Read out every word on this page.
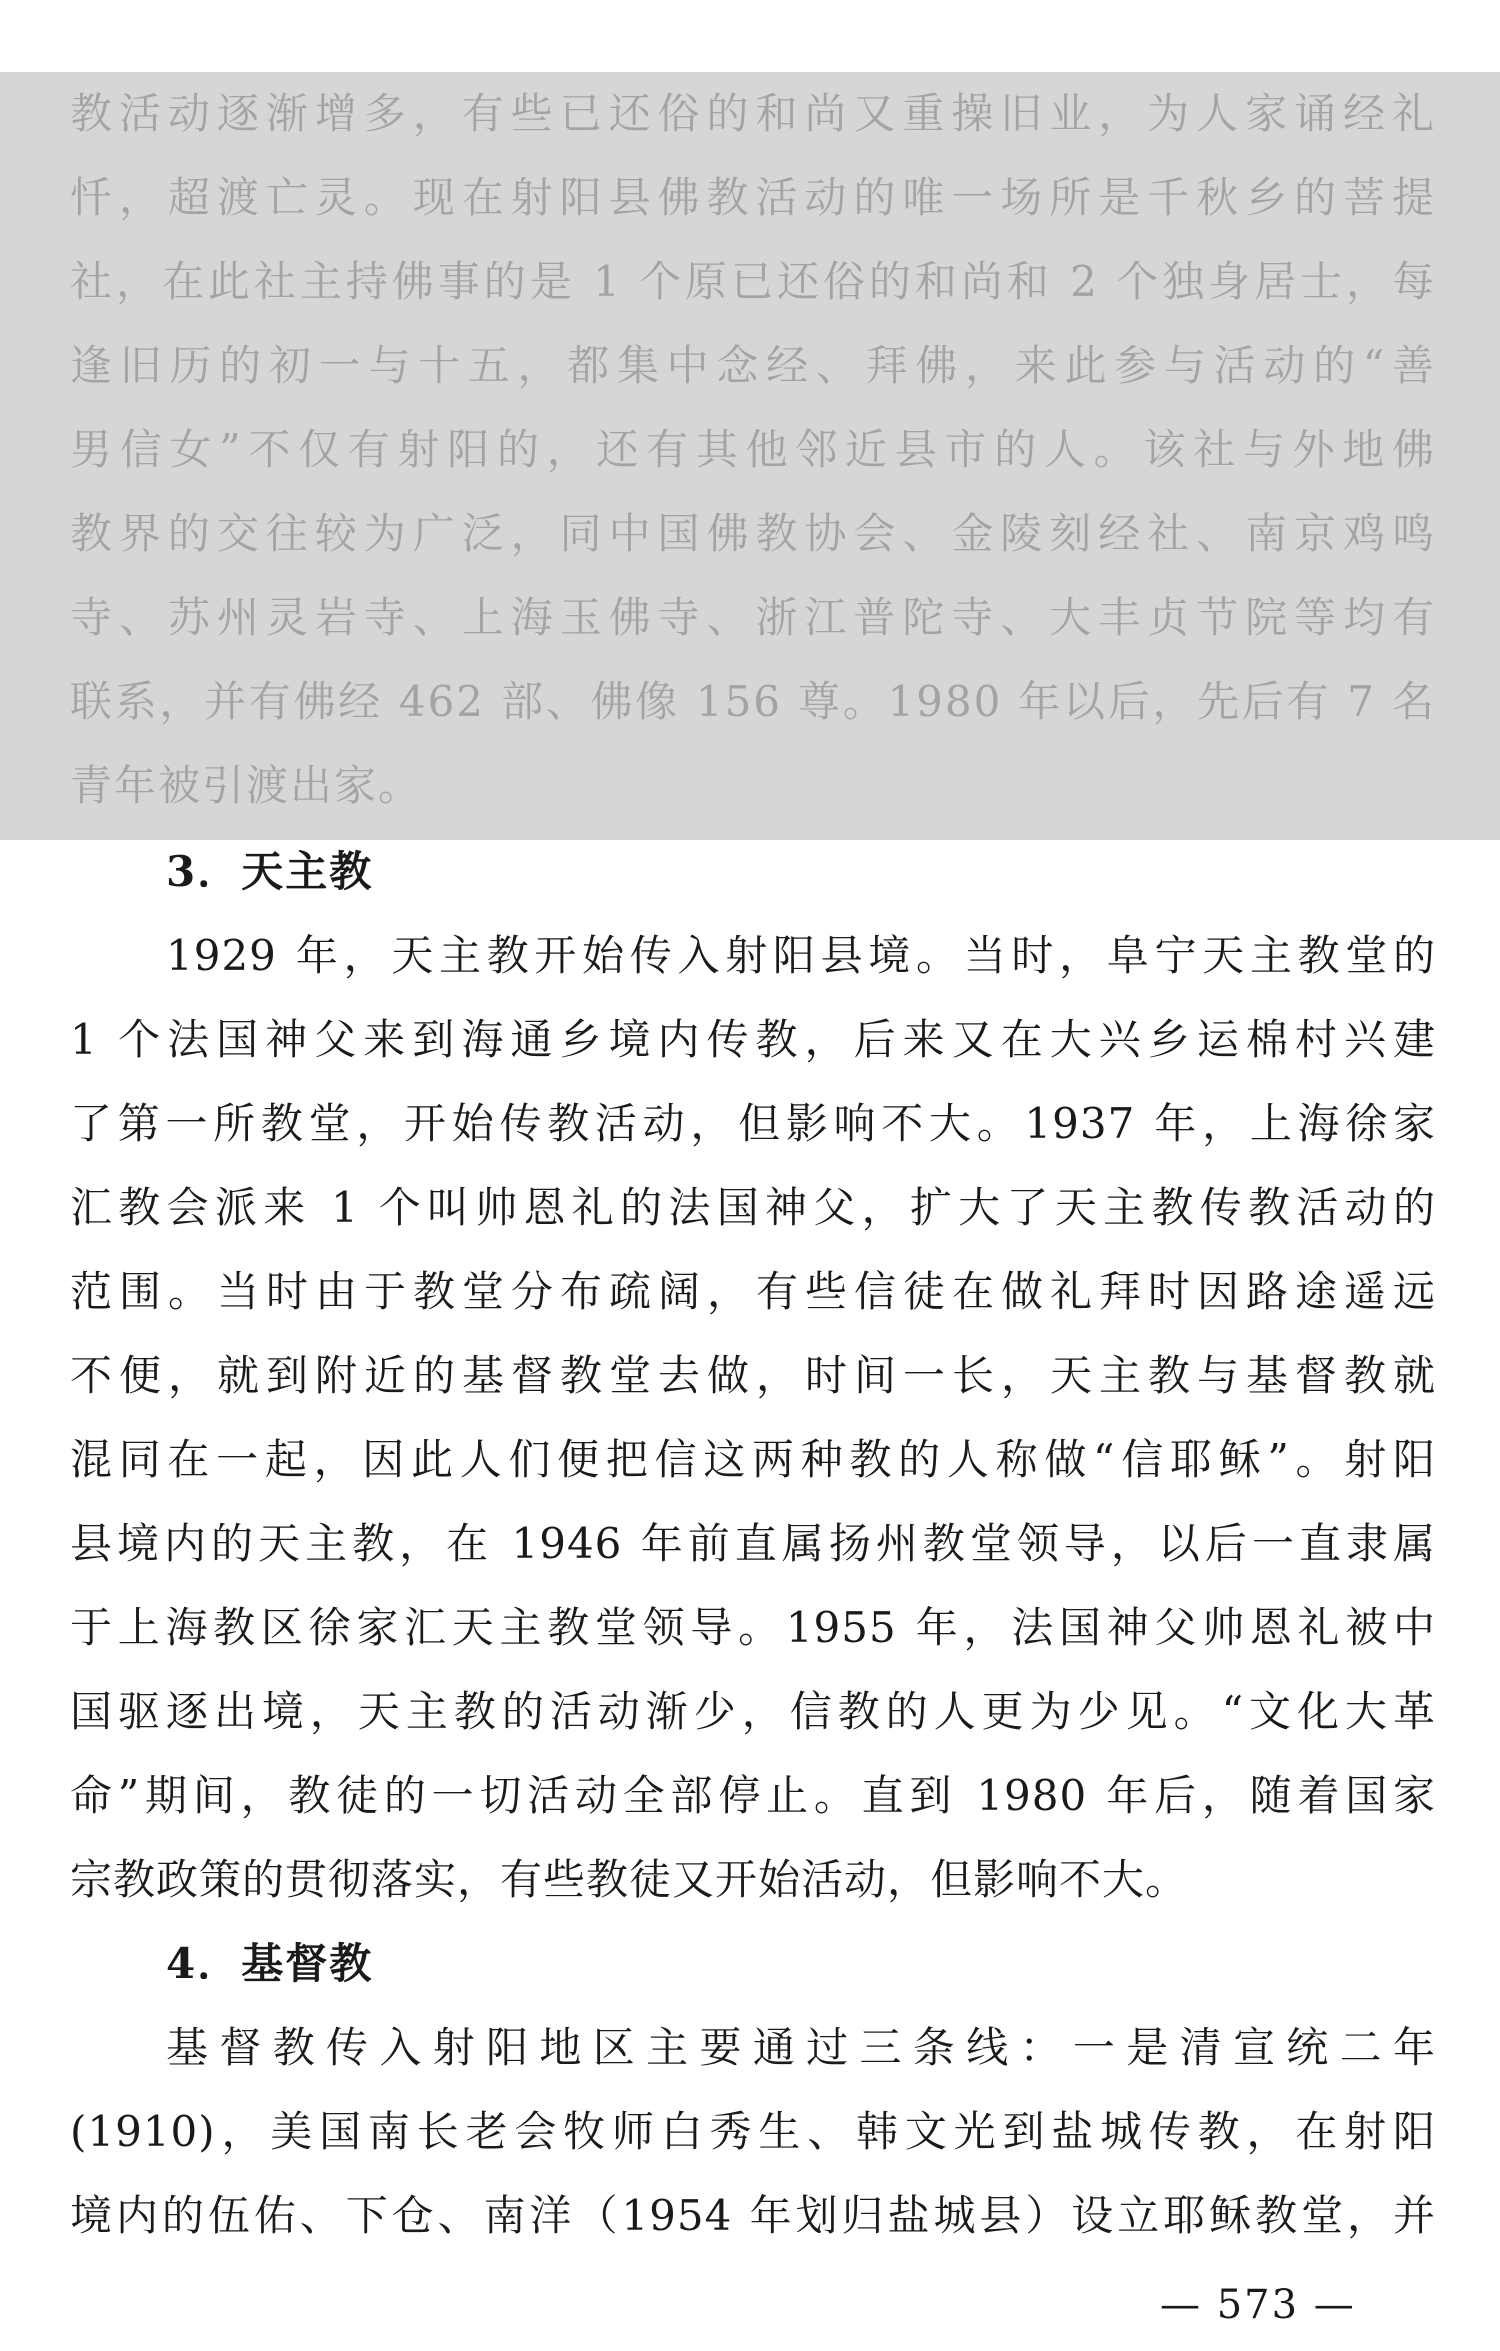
教活动逐渐增多，有些已还俗的和尚又重操旧业，为人家诵经礼

忏，超渡亡灵。现在射阳县佛教活动的唯一场所是千秋乡的菩提

社，在此社主持佛事的是 1 个原已还俗的和尚和 2 个独身居士，每

逢旧历的初一与十五，都集中念经、拜佛，来此参与活动的“善

男信女”不仅有射阳的，还有其他邻近县市的人。该社与外地佛

教界的交往较为广泛，同中国佛教协会、金陵刻经社、南京鸡鸣

寺、苏州灵岩寺、上海玉佛寺、浙江普陀寺、大丰贞节院等均有

联系，并有佛经 462 部、佛像 156 尊。1980 年以后，先后有 7 名

青年被引渡出家。

3．天主教

1929 年，天主教开始传入射阳县境。当时，阜宁天主教堂的

1 个法国神父来到海通乡境内传教，后来又在大兴乡运棉村兴建

了第一所教堂，开始传教活动，但影响不大。1937 年，上海徐家

汇教会派来 1 个叫帅恩礼的法国神父，扩大了天主教传教活动的

范围。当时由于教堂分布疏阔，有些信徒在做礼拜时因路途遥远

不便，就到附近的基督教堂去做，时间一长，天主教与基督教就

混同在一起，因此人们便把信这两种教的人称做“信耶稣”。射阳

县境内的天主教，在 1946 年前直属扬州教堂领导，以后一直隶属

于上海教区徐家汇天主教堂领导。1955 年，法国神父帅恩礼被中

国驱逐出境，天主教的活动渐少，信教的人更为少见。“文化大革

命”期间，教徒的一切活动全部停止。直到 1980 年后，随着国家

宗教政策的贯彻落实，有些教徒又开始活动，但影响不大。

4．基督教

基督教传入射阳地区主要通过三条线：一是清宣统二年

(1910)，美国南长老会牧师白秀生、韩文光到盐城传教，在射阳

境内的伍佑、下仓、南洋（1954 年划归盐城县）设立耶稣教堂，并

— 573 —
